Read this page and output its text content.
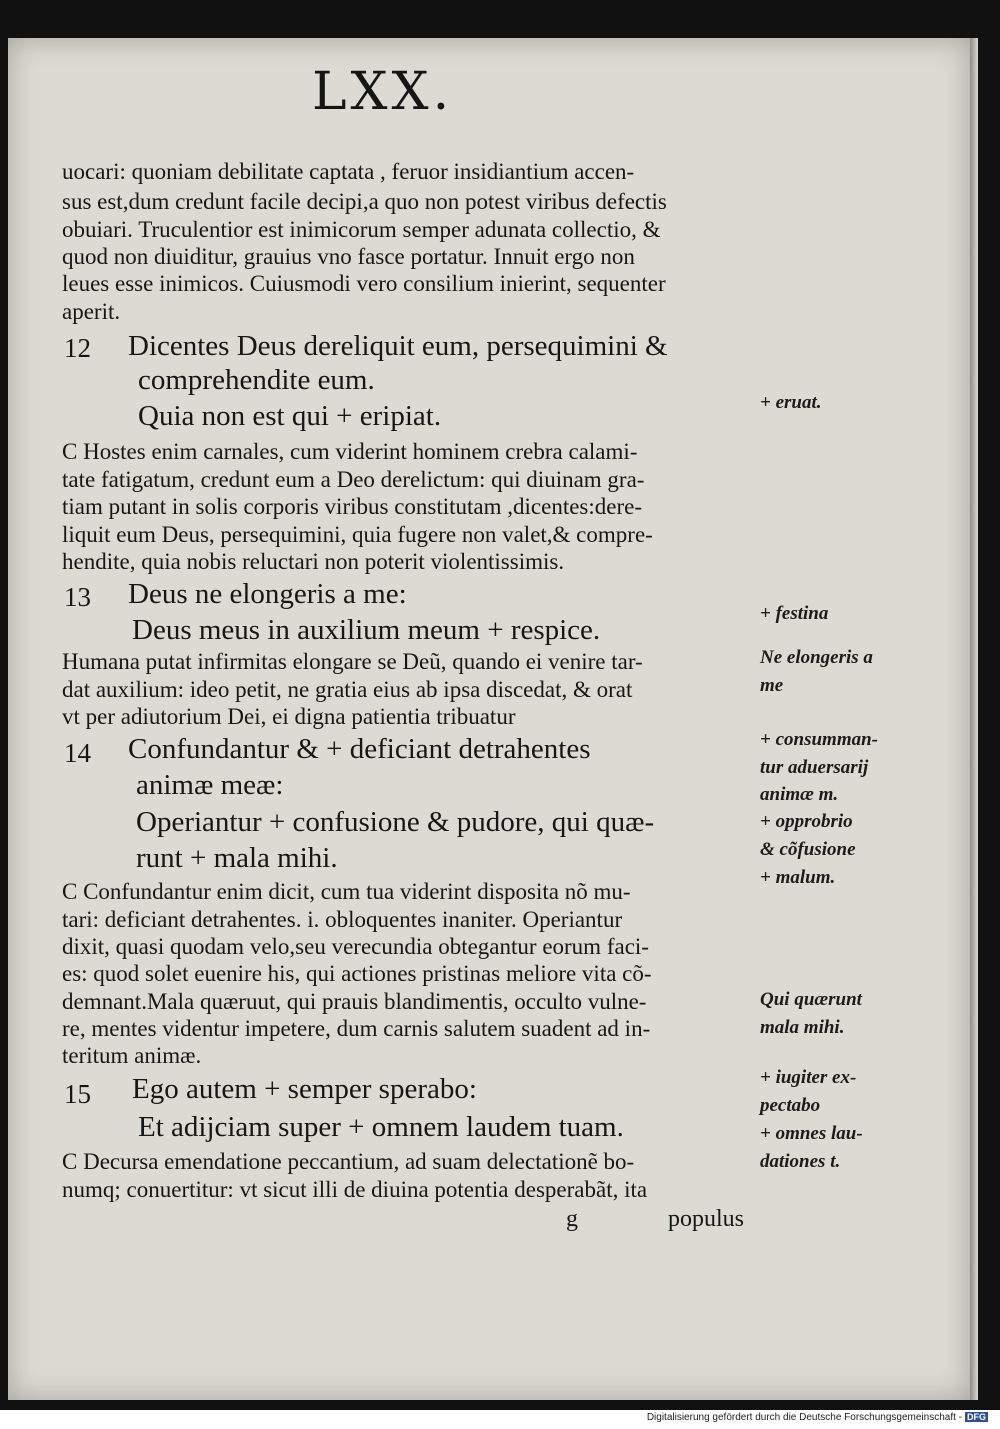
LXX.
uocari: quoniam debilitate captata , feruor insidiantium accen-
sus est,dum credunt facile decipi,a quo non potest viribus defectis
obuiari. Truculentior est inimicorum semper adunata collectio, &
quod non diuiditur, grauius vno fasce portatur. Innuit ergo non
leues esse inimicos. Cuiusmodi vero consilium inierint, sequenter
aperit.
12 Dicentes Deus dereliquit eum, persequimini &
comprehendite eum.
Quia non est qui + eripiat.
C Hostes enim carnales, cum viderint hominem crebra calami-
tate fatigatum, credunt eum a Deo derelictum: qui diuinam gra-
tiam putant in solis corporis viribus constitutam ,dicentes:dere-
liquit eum Deus, persequimini, quia fugere non valet,& compre-
hendite, quia nobis reluctari non poterit violentissimis.
13 Deus ne elongeris a me:
Deus meus in auxilium meum + respice.
Humana putat infirmitas elongare se Deũ, quando ei venire tar-
dat auxilium: ideo petit, ne gratia eius ab ipsa discedat, & orat
vt per adiutorium Dei, ei digna patientia tribuatur
14 Confundantur & + deficiant detrahentes
animæ meæ:
Operiantur + confusione & pudore, qui quæ-
runt + mala mihi.
C Confundantur enim dicit, cum tua viderint disposita nõ mu-
tari: deficiant detrahentes. i. obloquentes inaniter. Operiantur
dixit, quasi quodam velo,seu verecundia obtegantur eorum faci-
es: quod solet euenire his, qui actiones pristinas meliore vita cõ-
demnant.Mala quæruut, qui prauis blandimentis, occulto vulne-
re, mentes videntur impetere, dum carnis salutem suadent ad in-
teritum animæ.
15 Ego autem + semper sperabo:
Et adijciam super + omnem laudem tuam.
C Decursa emendatione peccantium, ad suam delectationẽ bo-
numq; conuertitur: vt sicut illi de diuina potentia desperabãt, ita
g	populus
+ eruat.
+ festina
Ne elongeris a
me
+ consumman-
tur aduersarij
animæ m.
+ opprobrio
& cõfusione
+ malum.
Qui quærunt
mala mihi.
+ iugiter ex-
pectabo
+ omnes lau-
dationes t.
Digitalisierung gefördert durch die Deutsche Forschungsgemeinschaft - DFG
